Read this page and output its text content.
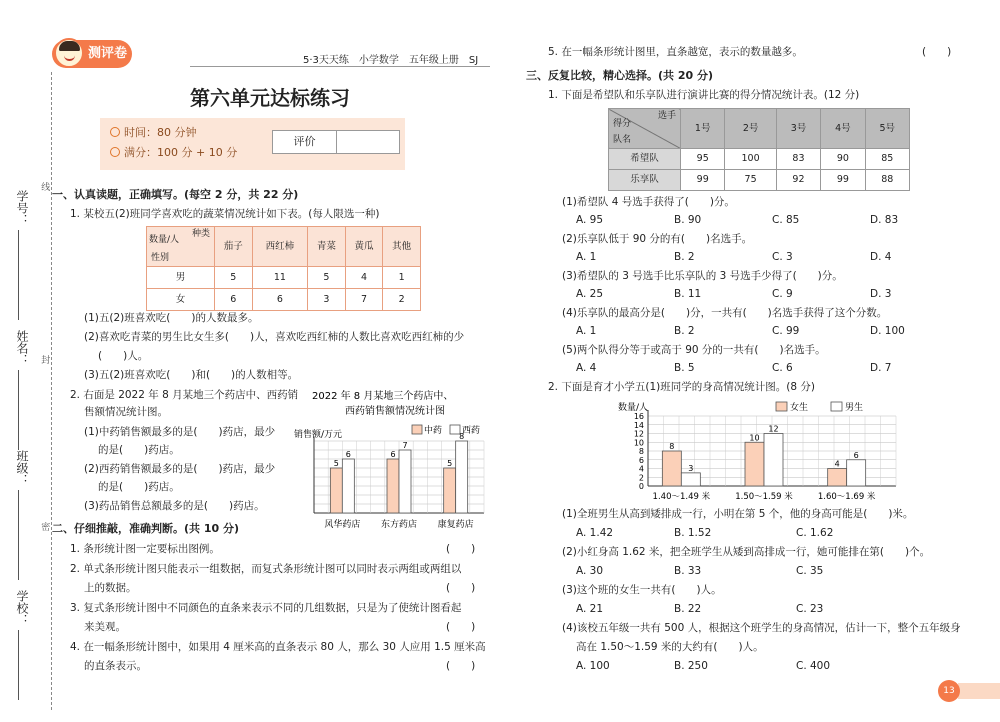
学号：
姓名：
班级：
学校：
线
封
密
测评卷	5·3天天练　 小学数学　 五年级上册　 SJ
第六单元达标练习
时间：80 分钟
满分：100 分 + 10 分
评价
一、认真读题，正确填写。(每空 2 分，共 22 分)
1. 某校五(2)班同学喜欢吃的蔬菜情况统计如下表。(每人限选一种)
种类
数量/人
性别	茄子	西红柿	青菜	黄瓜	其他
男	5	11	5	4	1
女	6	6	3	7	2
(1)五(2)班喜欢吃(　　)的人数最多。
(2)喜欢吃青菜的男生比女生多(　　)人，喜欢吃西红柿的人数比喜欢吃西红柿的少
(　　)人。
(3)五(2)班喜欢吃(　　)和(　　)的人数相等。
2. 右面是 2022 年 8 月某地三个药店中、西药销
售额情况统计图。
(1)中药销售额最多的是(　　)药店，最少
的是(　　)药店。
(2)西药销售额最多的是(　　)药店，最少
的是(　　)药店。
(3)药品销售总额最多的是(　　)药店。
2022 年 8 月某地三个药店中、
西药销售额情况统计图
销售额/万元	中药 西药
5
6
风华药店
6
7
东方药店
5
8
康复药店
二、仔细推敲，准确判断。(共 10 分)
1. 条形统计图一定要标出图例。	(　　)
2. 单式条形统计图只能表示一组数据，而复式条形统计图可以同时表示两组或两组以
上的数据。	(　　)
3. 复式条形统计图中不同颜色的直条来表示不同的几组数据，只是为了使统计图看起
来美观。	(　　)
4. 在一幅条形统计图中，如果用 4 厘米高的直条表示 80 人，那么 30 人应用 1.5 厘米高
的直条表示。	(　　)
5. 在一幅条形统计图里，直条越宽，表示的数量越多。	(　　)
三、反复比较，精心选择。(共 20 分)
1. 下面是希望队和乐享队进行演讲比赛的得分情况统计表。(12 分)
选手
得分
队名	1号	2号	3号	4号	5号
希望队	95	100	83	90	85
乐享队	99	75	92	99	88
(1)希望队 4 号选手获得了(　　)分。
A. 95	B. 90	C. 85	D. 83
(2)乐享队低于 90 分的有(　　)名选手。
A. 1	B. 2	C. 3	D. 4
(3)希望队的 3 号选手比乐享队的 3 号选手少得了(　　)分。
A. 25	B. 11	C. 9	D. 3
(4)乐享队的最高分是(　　)分，一共有(　　)名选手获得了这个分数。
A. 1	B. 2	C. 99	D. 100
(5)两个队得分等于或高于 90 分的一共有(　　)名选手。
A. 4	B. 5	C. 6	D. 7
2. 下面是育才小学五(1)班同学的身高情况统计图。(8 分)
数量/人	女生	男生
0
2
4
6
8
10
12
14
16
8
3
1.40～1.49 米
10
12
1.50～1.59 米
4
6
1.60～1.69 米
(1)全班男生从高到矮排成一行，小明在第 5 个，他的身高可能是(　　)米。
A. 1.42	B. 1.52	C. 1.62
(2)小红身高 1.62 米，把全班学生从矮到高排成一行，她可能排在第(　　)个。
A. 30	B. 33	C. 35
(3)这个班的女生一共有(　　)人。
A. 21	B. 22	C. 23
(4)该校五年级一共有 500 人，根据这个班学生的身高情况，估计一下，整个五年级身
高在 1.50～1.59 米的大约有(　　)人。
A. 100	B. 250	C. 400
13
